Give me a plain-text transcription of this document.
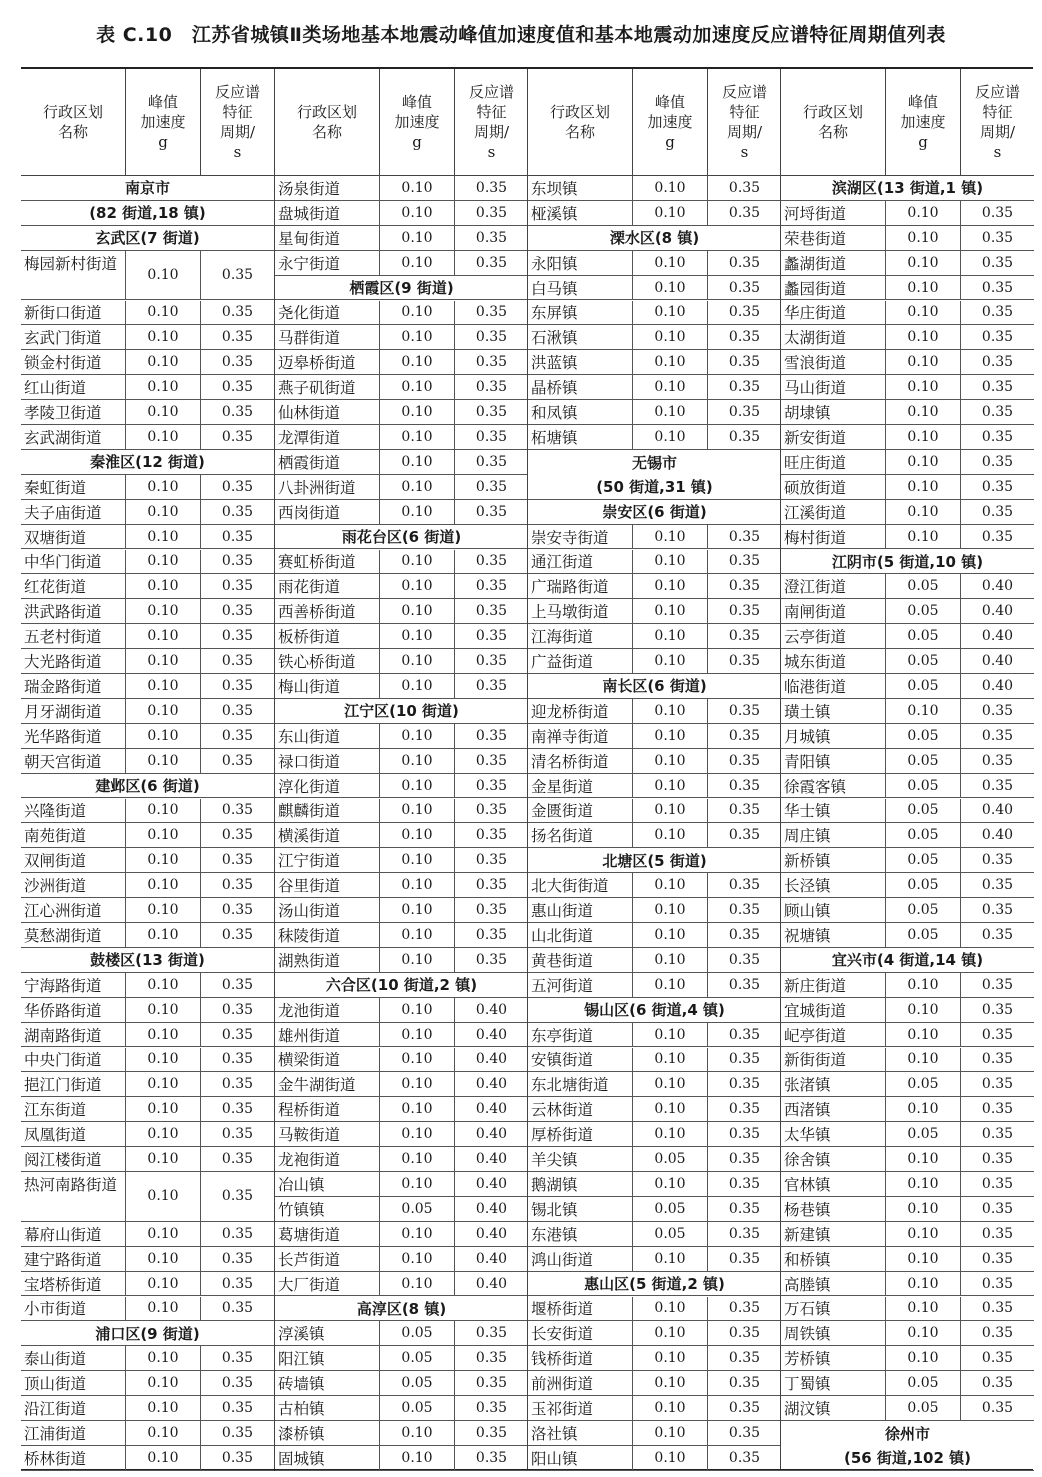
表 C.10　江苏省城镇Ⅱ类场地基本地震动峰值加速度值和基本地震动加速度反应谱特征周期值列表
行政区划
名称
峰值
加速度
g
反应谱
特征
周期/
s
南京市
(82 街道,18 镇)
玄武区(7 街道)
梅园新村街道
0.10	0.35
新街口街道	0.10	0.35
玄武门街道	0.10	0.35
锁金村街道	0.10	0.35
红山街道	0.10	0.35
孝陵卫街道	0.10	0.35
玄武湖街道	0.10	0.35
秦淮区(12 街道)
秦虹街道	0.10	0.35
夫子庙街道	0.10	0.35
双塘街道	0.10	0.35
中华门街道	0.10	0.35
红花街道	0.10	0.35
洪武路街道	0.10	0.35
五老村街道	0.10	0.35
大光路街道	0.10	0.35
瑞金路街道	0.10	0.35
月牙湖街道	0.10	0.35
光华路街道	0.10	0.35
朝天宫街道	0.10	0.35
建邺区(6 街道)
兴隆街道	0.10	0.35
南苑街道	0.10	0.35
双闸街道	0.10	0.35
沙洲街道	0.10	0.35
江心洲街道	0.10	0.35
莫愁湖街道	0.10	0.35
鼓楼区(13 街道)
宁海路街道	0.10	0.35
华侨路街道	0.10	0.35
湖南路街道	0.10	0.35
中央门街道	0.10	0.35
挹江门街道	0.10	0.35
江东街道	0.10	0.35
凤凰街道	0.10	0.35
阅江楼街道	0.10	0.35
热河南路街道
0.10	0.35
幕府山街道	0.10	0.35
建宁路街道	0.10	0.35
宝塔桥街道	0.10	0.35
小市街道	0.10	0.35
浦口区(9 街道)
泰山街道	0.10	0.35
顶山街道	0.10	0.35
沿江街道	0.10	0.35
江浦街道	0.10	0.35
桥林街道	0.10	0.35
行政区划
名称
峰值
加速度
g
反应谱
特征
周期/
s
汤泉街道	0.10	0.35
盘城街道	0.10	0.35
星甸街道	0.10	0.35
永宁街道	0.10	0.35
栖霞区(9 街道)
尧化街道	0.10	0.35
马群街道	0.10	0.35
迈皋桥街道	0.10	0.35
燕子矶街道	0.10	0.35
仙林街道	0.10	0.35
龙潭街道	0.10	0.35
栖霞街道	0.10	0.35
八卦洲街道	0.10	0.35
西岗街道	0.10	0.35
雨花台区(6 街道)
赛虹桥街道	0.10	0.35
雨花街道	0.10	0.35
西善桥街道	0.10	0.35
板桥街道	0.10	0.35
铁心桥街道	0.10	0.35
梅山街道	0.10	0.35
江宁区(10 街道)
东山街道	0.10	0.35
禄口街道	0.10	0.35
淳化街道	0.10	0.35
麒麟街道	0.10	0.35
横溪街道	0.10	0.35
江宁街道	0.10	0.35
谷里街道	0.10	0.35
汤山街道	0.10	0.35
秣陵街道	0.10	0.35
湖熟街道	0.10	0.35
六合区(10 街道,2 镇)
龙池街道	0.10	0.40
雄州街道	0.10	0.40
横梁街道	0.10	0.40
金牛湖街道	0.10	0.40
程桥街道	0.10	0.40
马鞍街道	0.10	0.40
龙袍街道	0.10	0.40
冶山镇	0.10	0.40
竹镇镇	0.05	0.40
葛塘街道	0.10	0.40
长芦街道	0.10	0.40
大厂街道	0.10	0.40
高淳区(8 镇)
淳溪镇	0.05	0.35
阳江镇	0.05	0.35
砖墙镇	0.05	0.35
古柏镇	0.05	0.35
漆桥镇	0.10	0.35
固城镇	0.10	0.35
行政区划
名称
峰值
加速度
g
反应谱
特征
周期/
s
东坝镇	0.10	0.35
桠溪镇	0.10	0.35
溧水区(8 镇)
永阳镇	0.10	0.35
白马镇	0.10	0.35
东屏镇	0.10	0.35
石湫镇	0.10	0.35
洪蓝镇	0.10	0.35
晶桥镇	0.10	0.35
和凤镇	0.10	0.35
柘塘镇	0.10	0.35
无锡市
(50 街道,31 镇)
崇安区(6 街道)
崇安寺街道	0.10	0.35
通江街道	0.10	0.35
广瑞路街道	0.10	0.35
上马墩街道	0.10	0.35
江海街道	0.10	0.35
广益街道	0.10	0.35
南长区(6 街道)
迎龙桥街道	0.10	0.35
南禅寺街道	0.10	0.35
清名桥街道	0.10	0.35
金星街道	0.10	0.35
金匮街道	0.10	0.35
扬名街道	0.10	0.35
北塘区(5 街道)
北大街街道	0.10	0.35
惠山街道	0.10	0.35
山北街道	0.10	0.35
黄巷街道	0.10	0.35
五河街道	0.10	0.35
锡山区(6 街道,4 镇)
东亭街道	0.10	0.35
安镇街道	0.10	0.35
东北塘街道	0.10	0.35
云林街道	0.10	0.35
厚桥街道	0.10	0.35
羊尖镇	0.05	0.35
鹅湖镇	0.10	0.35
锡北镇	0.05	0.35
东港镇	0.05	0.35
鸿山街道	0.10	0.35
惠山区(5 街道,2 镇)
堰桥街道	0.10	0.35
长安街道	0.10	0.35
钱桥街道	0.10	0.35
前洲街道	0.10	0.35
玉祁街道	0.10	0.35
洛社镇	0.10	0.35
阳山镇	0.10	0.35
行政区划
名称
峰值
加速度
g
反应谱
特征
周期/
s
滨湖区(13 街道,1 镇)
河埒街道	0.10	0.35
荣巷街道	0.10	0.35
蠡湖街道	0.10	0.35
蠡园街道	0.10	0.35
华庄街道	0.10	0.35
太湖街道	0.10	0.35
雪浪街道	0.10	0.35
马山街道	0.10	0.35
胡埭镇	0.10	0.35
新安街道	0.10	0.35
旺庄街道	0.10	0.35
硕放街道	0.10	0.35
江溪街道	0.10	0.35
梅村街道	0.10	0.35
江阴市(5 街道,10 镇)
澄江街道	0.05	0.40
南闸街道	0.05	0.40
云亭街道	0.05	0.40
城东街道	0.05	0.40
临港街道	0.05	0.40
璜土镇	0.10	0.35
月城镇	0.05	0.35
青阳镇	0.05	0.35
徐霞客镇	0.05	0.35
华士镇	0.05	0.40
周庄镇	0.05	0.40
新桥镇	0.05	0.35
长泾镇	0.05	0.35
顾山镇	0.05	0.35
祝塘镇	0.05	0.35
宜兴市(4 街道,14 镇)
新庄街道	0.10	0.35
宜城街道	0.10	0.35
屺亭街道	0.10	0.35
新街街道	0.10	0.35
张渚镇	0.05	0.35
西渚镇	0.10	0.35
太华镇	0.05	0.35
徐舍镇	0.10	0.35
官林镇	0.10	0.35
杨巷镇	0.10	0.35
新建镇	0.10	0.35
和桥镇	0.10	0.35
高塍镇	0.10	0.35
万石镇	0.10	0.35
周铁镇	0.10	0.35
芳桥镇	0.10	0.35
丁蜀镇	0.05	0.35
湖汶镇	0.05	0.35
徐州市
(56 街道,102 镇)
